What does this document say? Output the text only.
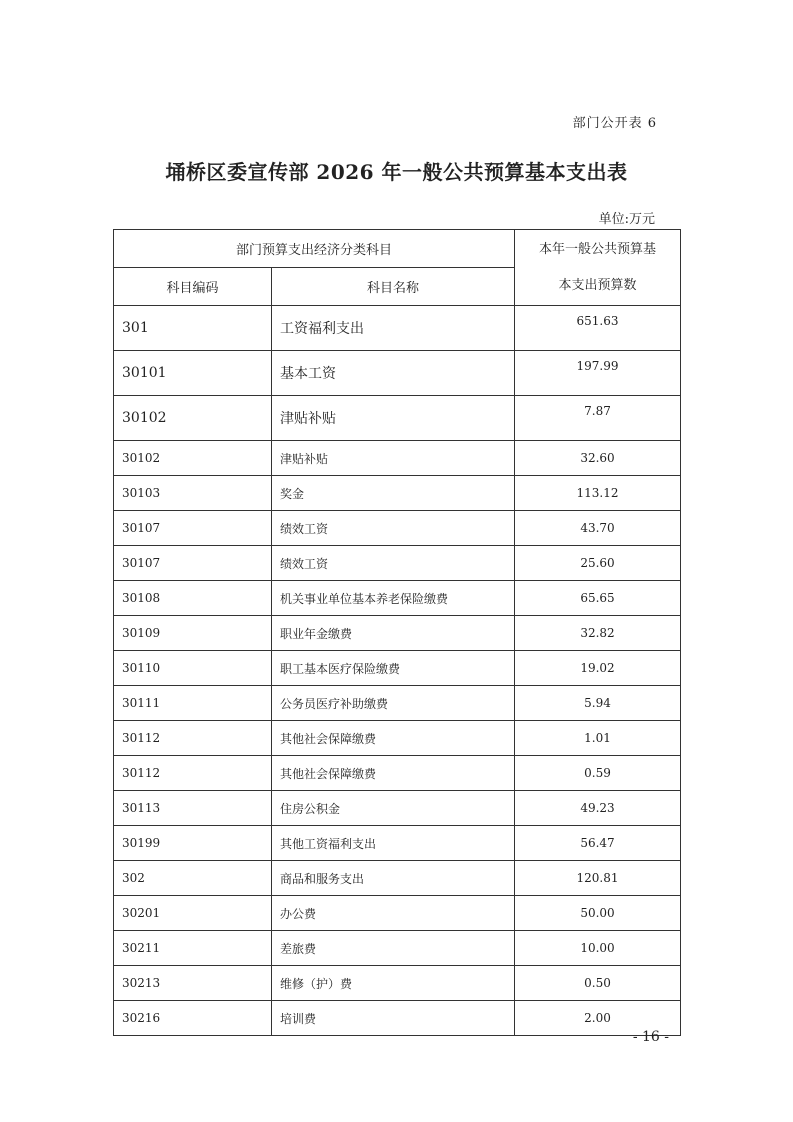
部门公开表 6
埇桥区委宣传部 2026 年一般公共预算基本支出表
单位:万元
部门预算支出经济分类科目		本年一般公共预算基
本支出预算数

科目编码	科目名称	
301	工资福利支出	651.63
30101	基本工资	197.99
30102	津贴补贴	7.87
30102	津贴补贴	32.60
30103	奖金	113.12
30107	绩效工资	43.70
30107	绩效工资	25.60
30108	机关事业单位基本养老保险缴费	65.65
30109	职业年金缴费	32.82
30110	职工基本医疗保险缴费	19.02
30111	公务员医疗补助缴费	5.94
30112	其他社会保障缴费	1.01
30112	其他社会保障缴费	0.59
30113	住房公积金	49.23
30199	其他工资福利支出	56.47
302	商品和服务支出	120.81
30201	办公费	50.00
30211	差旅费	10.00
30213	维修（护）费	0.50
30216	培训费	2.00
- 16 -
